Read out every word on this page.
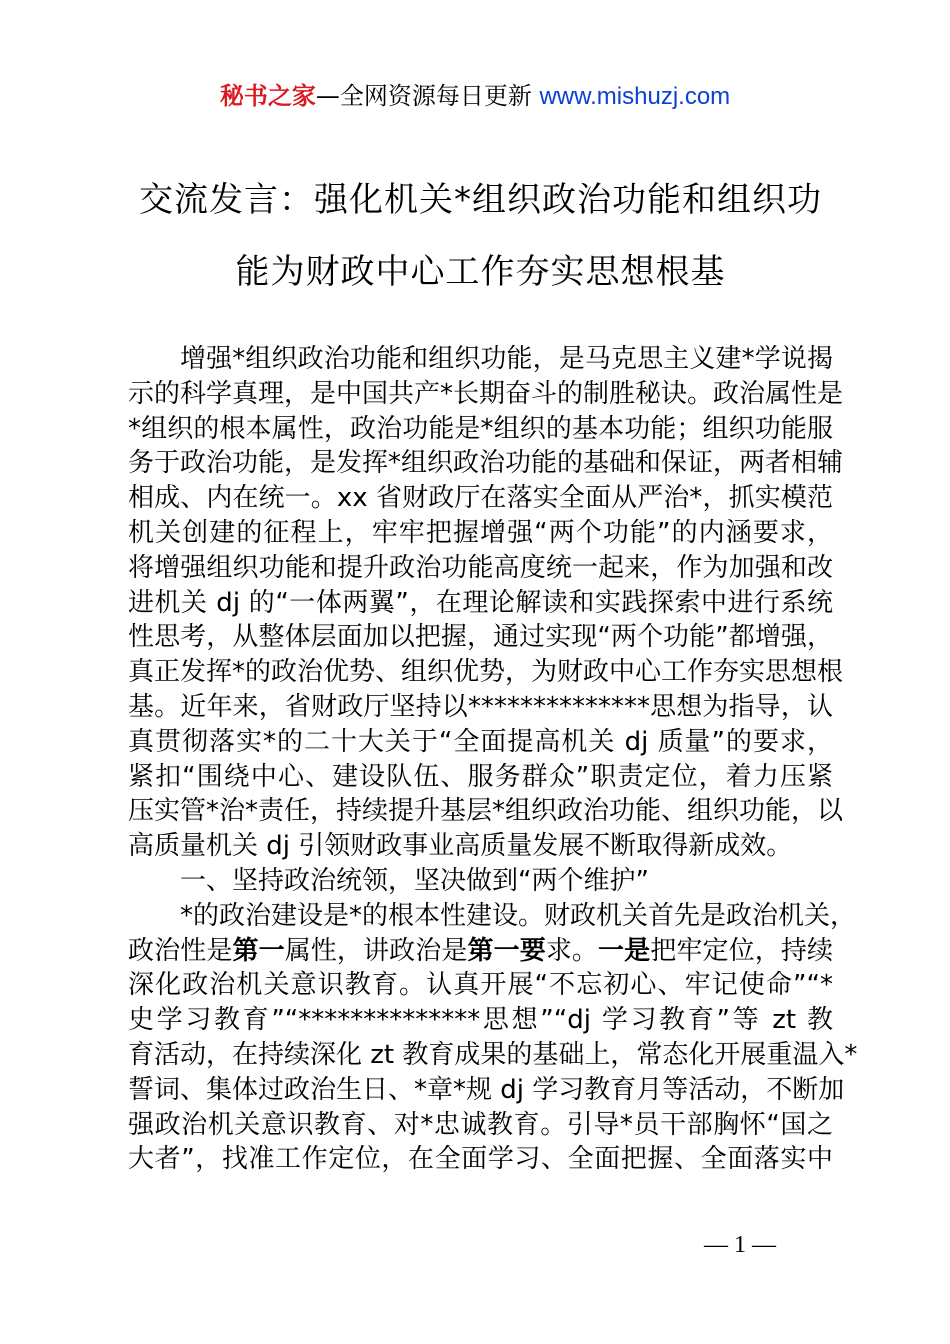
秘书之家—全网资源每日更新 www.mishuzj.com
交流发言：强化机关*组织政治功能和组织功
能为财政中心工作夯实思想根基
增强*组织政治功能和组织功能，是马克思主义建*学说揭
示的科学真理，是中国共产*长期奋斗的制胜秘诀。政治属性是
*组织的根本属性，政治功能是*组织的基本功能；组织功能服
务于政治功能，是发挥*组织政治功能的基础和保证，两者相辅
相成、内在统一。xx 省财政厅在落实全面从严治*，抓实模范
机关创建的征程上，牢牢把握增强“两个功能”的内涵要求，
将增强组织功能和提升政治功能高度统一起来，作为加强和改
进机关 dj 的“一体两翼”，在理论解读和实践探索中进行系统
性思考，从整体层面加以把握，通过实现“两个功能”都增强，
真正发挥*的政治优势、组织优势，为财政中心工作夯实思想根
基。近年来，省财政厅坚持以**************思想为指导，认
真贯彻落实*的二十大关于“全面提高机关 dj 质量”的要求，
紧扣“围绕中心、建设队伍、服务群众”职责定位，着力压紧
压实管*治*责任，持续提升基层*组织政治功能、组织功能，以
高质量机关 dj 引领财政事业高质量发展不断取得新成效。
一、坚持政治统领，坚决做到“两个维护”
*的政治建设是*的根本性建设。财政机关首先是政治机关，
政治性是第一属性，讲政治是第一要求。一是把牢定位，持续
深化政治机关意识教育。认真开展“不忘初心、牢记使命”“*
史学习教育”“**************思想”“dj 学习教育”等 zt 教
育活动，在持续深化 zt 教育成果的基础上，常态化开展重温入*
誓词、集体过政治生日、*章*规 dj 学习教育月等活动，不断加
强政治机关意识教育、对*忠诚教育。引导*员干部胸怀“国之
大者”，找准工作定位，在全面学习、全面把握、全面落实中
— 1 —
